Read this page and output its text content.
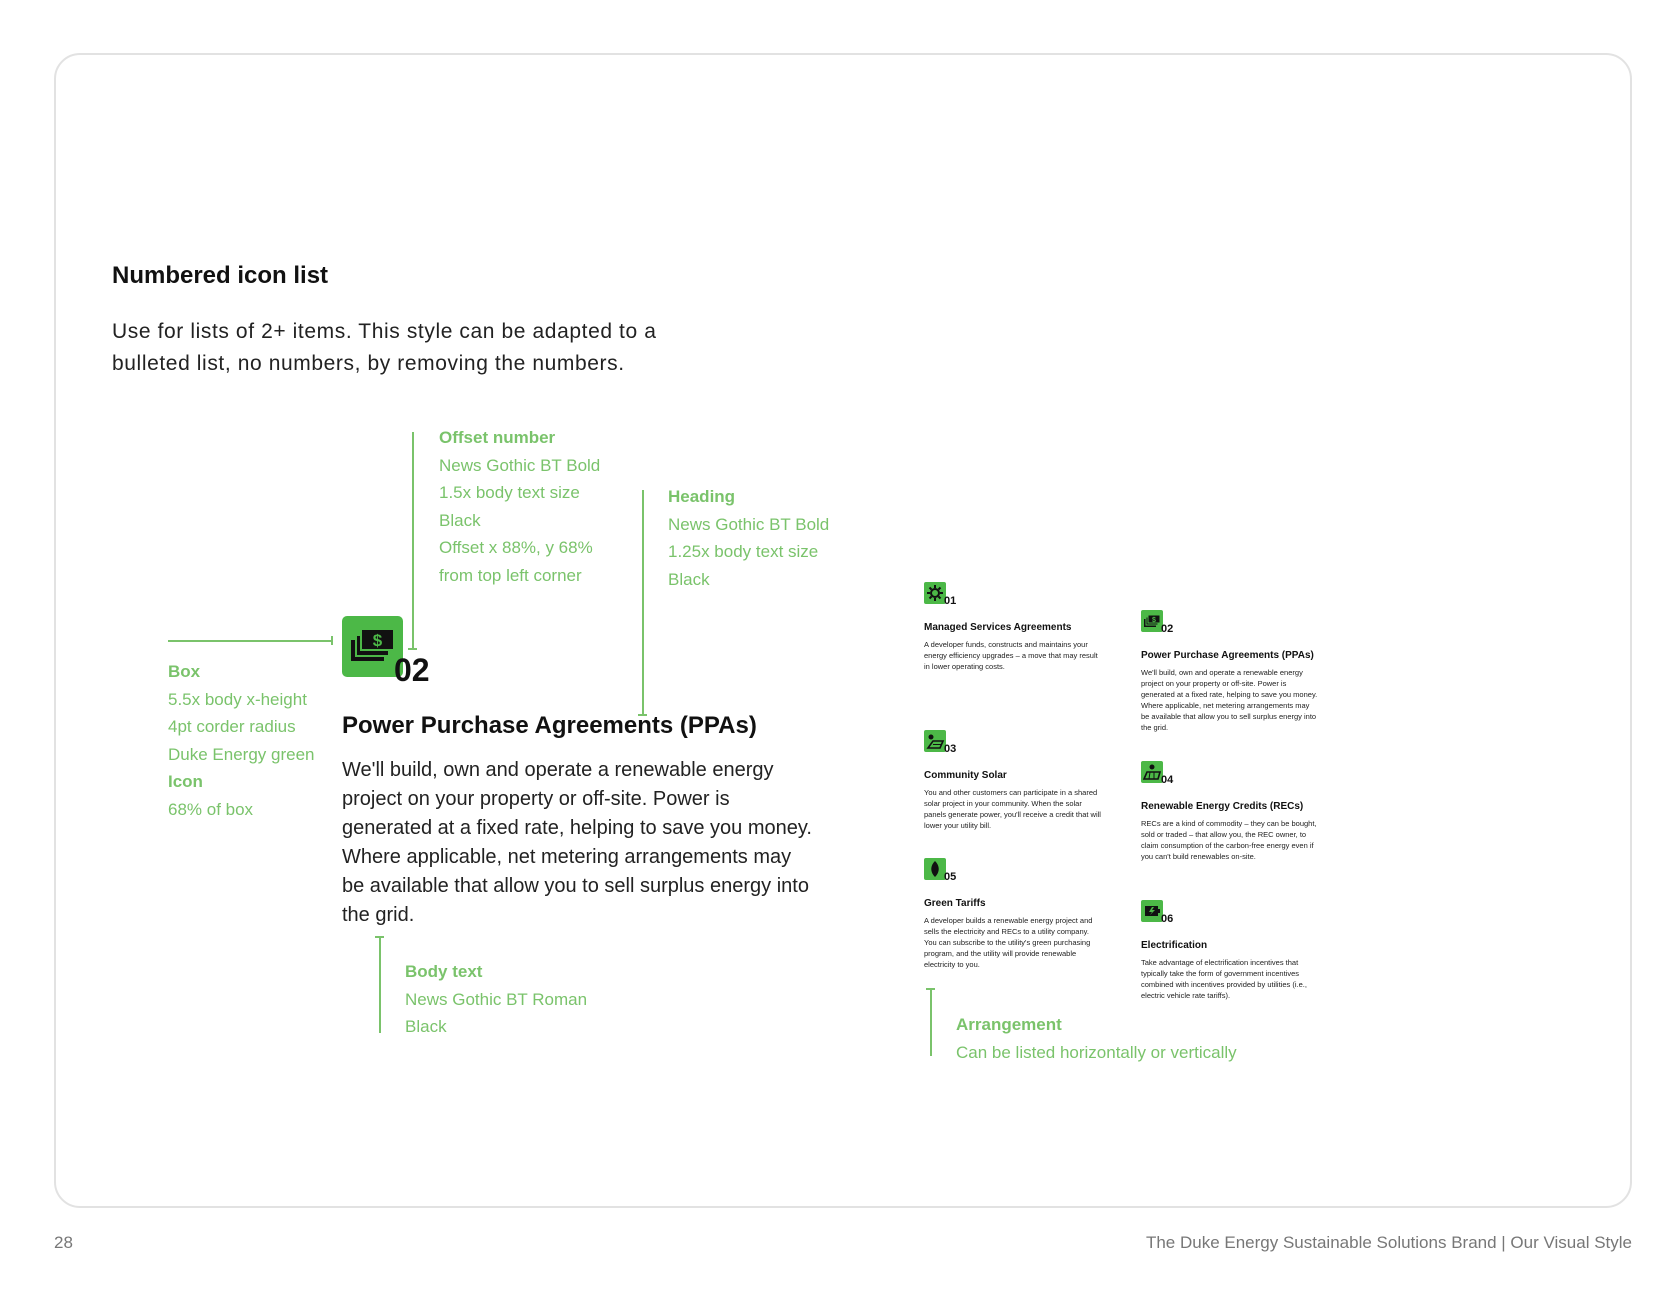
Numbered icon list
Use for lists of 2+ items. This style can be adapted to a bulleted list, no numbers, by removing the numbers.
Offset number
News Gothic BT Bold
1.5x body text size
Black
Offset x 88%, y 68%
from top left corner
Heading
News Gothic BT Bold
1.25x body text size
Black
Box
5.5x body x-height
4pt corder radius
Duke Energy green
Icon
68% of box
$
02
Power Purchase Agreements (PPAs)
We'll build, own and operate a renewable energy project on your property or off-site. Power is generated at a fixed rate, helping to save you money. Where applicable, net metering arrangements may be available that allow you to sell surplus energy into the grid.
Body text
News Gothic BT Roman
Black
01
Managed Services Agreements
A developer funds, constructs and maintains your energy efficiency upgrades – a move that may result in lower operating costs.
$
02
Power Purchase Agreements (PPAs)
We'll build, own and operate a renewable energy project on your property or off-site. Power is generated at a fixed rate, helping to save you money. Where applicable, net metering arrangements may be available that allow you to sell surplus energy into the grid.
03
Community Solar
You and other customers can participate in a shared solar project in your community. When the solar panels generate power, you'll receive a credit that will lower your utility bill.
04
Renewable Energy Credits (RECs)
RECs are a kind of commodity – they can be bought, sold or traded – that allow you, the REC owner, to claim consumption of the carbon-free energy even if you can't build renewables on-site.
05
Green Tariffs
A developer builds a renewable energy project and sells the electricity and RECs to a utility company. You can subscribe to the utility's green purchasing program, and the utility will provide renewable electricity to you.
06
Electrification
Take advantage of electrification incentives that typically take the form of government incentives combined with incentives provided by utilities (i.e., electric vehicle rate tariffs).
Arrangement
Can be listed horizontally or vertically
28	The Duke Energy Sustainable Solutions Brand | Our Visual Style
